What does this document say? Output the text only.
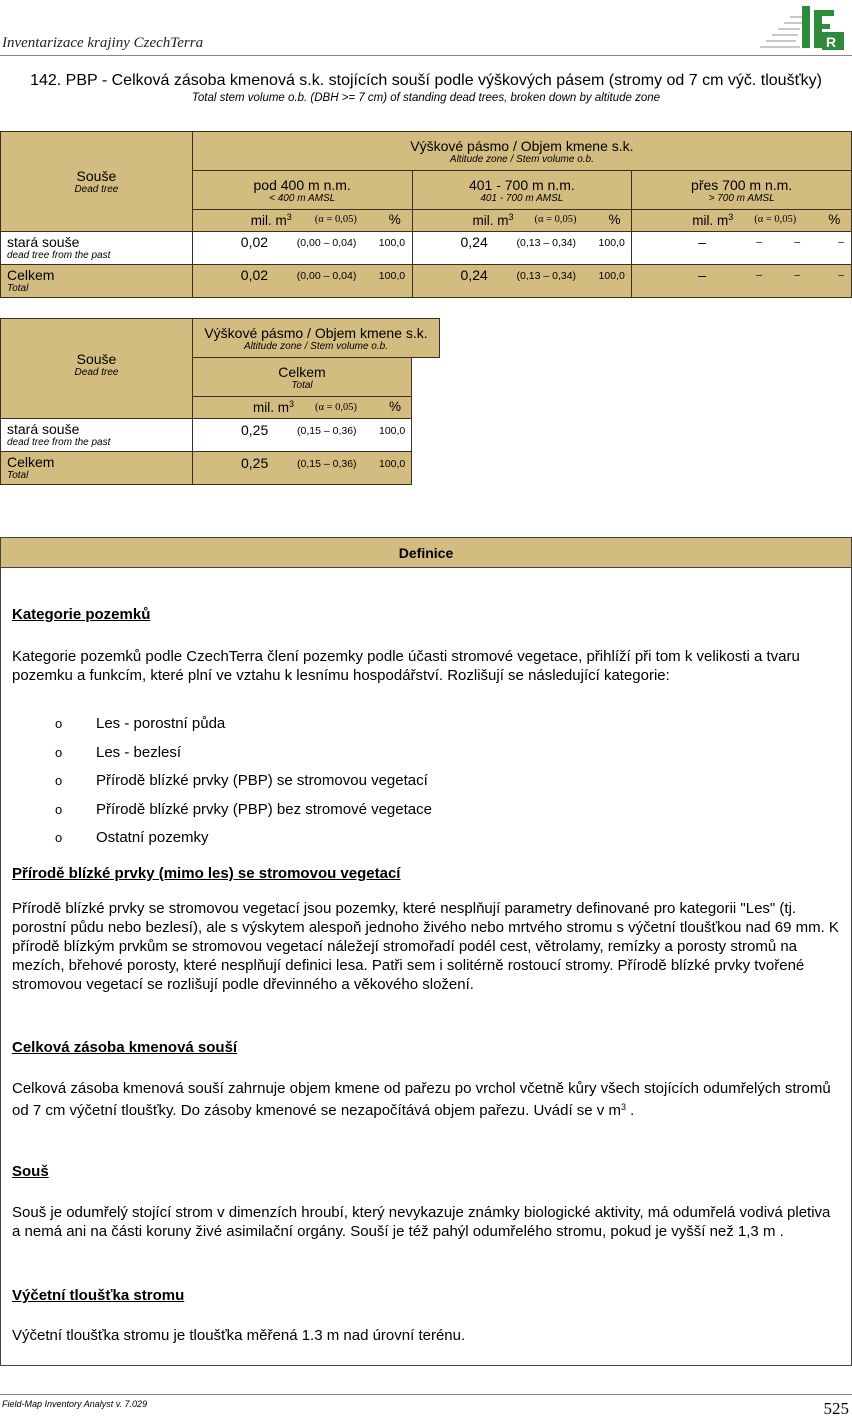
Inventarizace krajiny CzechTerra	R
142. PBP - Celková zásoba kmenová s.k. stojících souší podle výškových pásem (stromy od 7 cm výč. tloušťky)
Total stem volume o.b. (DBH >= 7 cm) of standing dead trees, broken down by altitude zone
Souše
Dead tree	Výškové pásmo / Objem kmene s.k.
Altitude zone / Stem volume o.b.		

	pod 400 m n.m.
< 400 m AMSL	401 - 700 m n.m.
401 - 700 m AMSL	přes 700 m n.m.
> 700 m AMSL

	mil. $m^3$ (α = 0,05) %	mil. $m^3$ (α = 0,05) %	mil. $m^3$ (α = 0,05) %

stará souše
dead tree from the past	0,02 (0,00 – 0,04) 100,0	0,24 (0,13 – 0,34) 100,0	– – – –

Celkem
Total	0,02 (0,00 – 0,04) 100,0	0,24 (0,13 – 0,34) 100,0	– – – –
Souše
Dead tree
Výškové pásmo / Objem kmene s.k.
Altitude zone / Stem volume o.b.
Celkem
Total
mil. $m^3$ (α = 0,05) %
stará souše
dead tree from the past
0,25	(0,15 – 0,36) 100,0
Celkem
Total
0,25	(0,15 – 0,36) 100,0
Definice
Kategorie pozemků
Kategorie pozemků podle CzechTerra člení pozemky podle účasti stromové vegetace, přihlíží při tom k velikosti a tvaru pozemku a funkcím, které plní ve vztahu k lesnímu hospodářství. Rozlišují se následující kategorie:
o Les - porostní půda
o Les - bezlesí
o Přírodě blízké prvky (PBP) se stromovou vegetací
o Přírodě blízké prvky (PBP) bez stromové vegetace
o Ostatní pozemky
Přírodě blízké prvky (mimo les) se stromovou vegetací
Přírodě blízké prvky se stromovou vegetací jsou pozemky, které nesplňují parametry definované pro kategorii "Les" (tj. porostní půdu nebo bezlesí), ale s výskytem alespoň jednoho živého nebo mrtvého stromu s výčetní tloušťkou nad 69 mm. K přírodě blízkým prvkům se stromovou vegetací náležejí stromořadí podél cest, větrolamy, remízky a porosty stromů na mezích, břehové porosty, které nesplňují definici lesa. Patři sem i solitérně rostoucí stromy. Přírodě blízké prvky tvořené stromovou vegetací se rozlišují podle dřevinného a věkového složení.
Celková zásoba kmenová souší
Celková zásoba kmenová souší zahrnuje objem kmene od pařezu po vrchol včetně kůry všech stojících odumřelých stromů od 7 cm výčetní tloušťky. Do zásoby kmenové se nezapočítává objem pařezu. Uvádí se v $m^3$ .
Souš
Souš je odumřelý stojící strom v dimenzích hroubí, který nevykazuje známky biologické aktivity, má odumřelá vodivá pletiva a nemá ani na části koruny živé asimilační orgány. Souší je též pahýl odumřelého stromu, pokud je vyšší než 1,3 m .
Výčetní tloušťka stromu
Výčetní tloušťka stromu je tloušťka měřená 1.3 m nad úrovní terénu.
Field-Map Inventory Analyst v. 7.029	525
